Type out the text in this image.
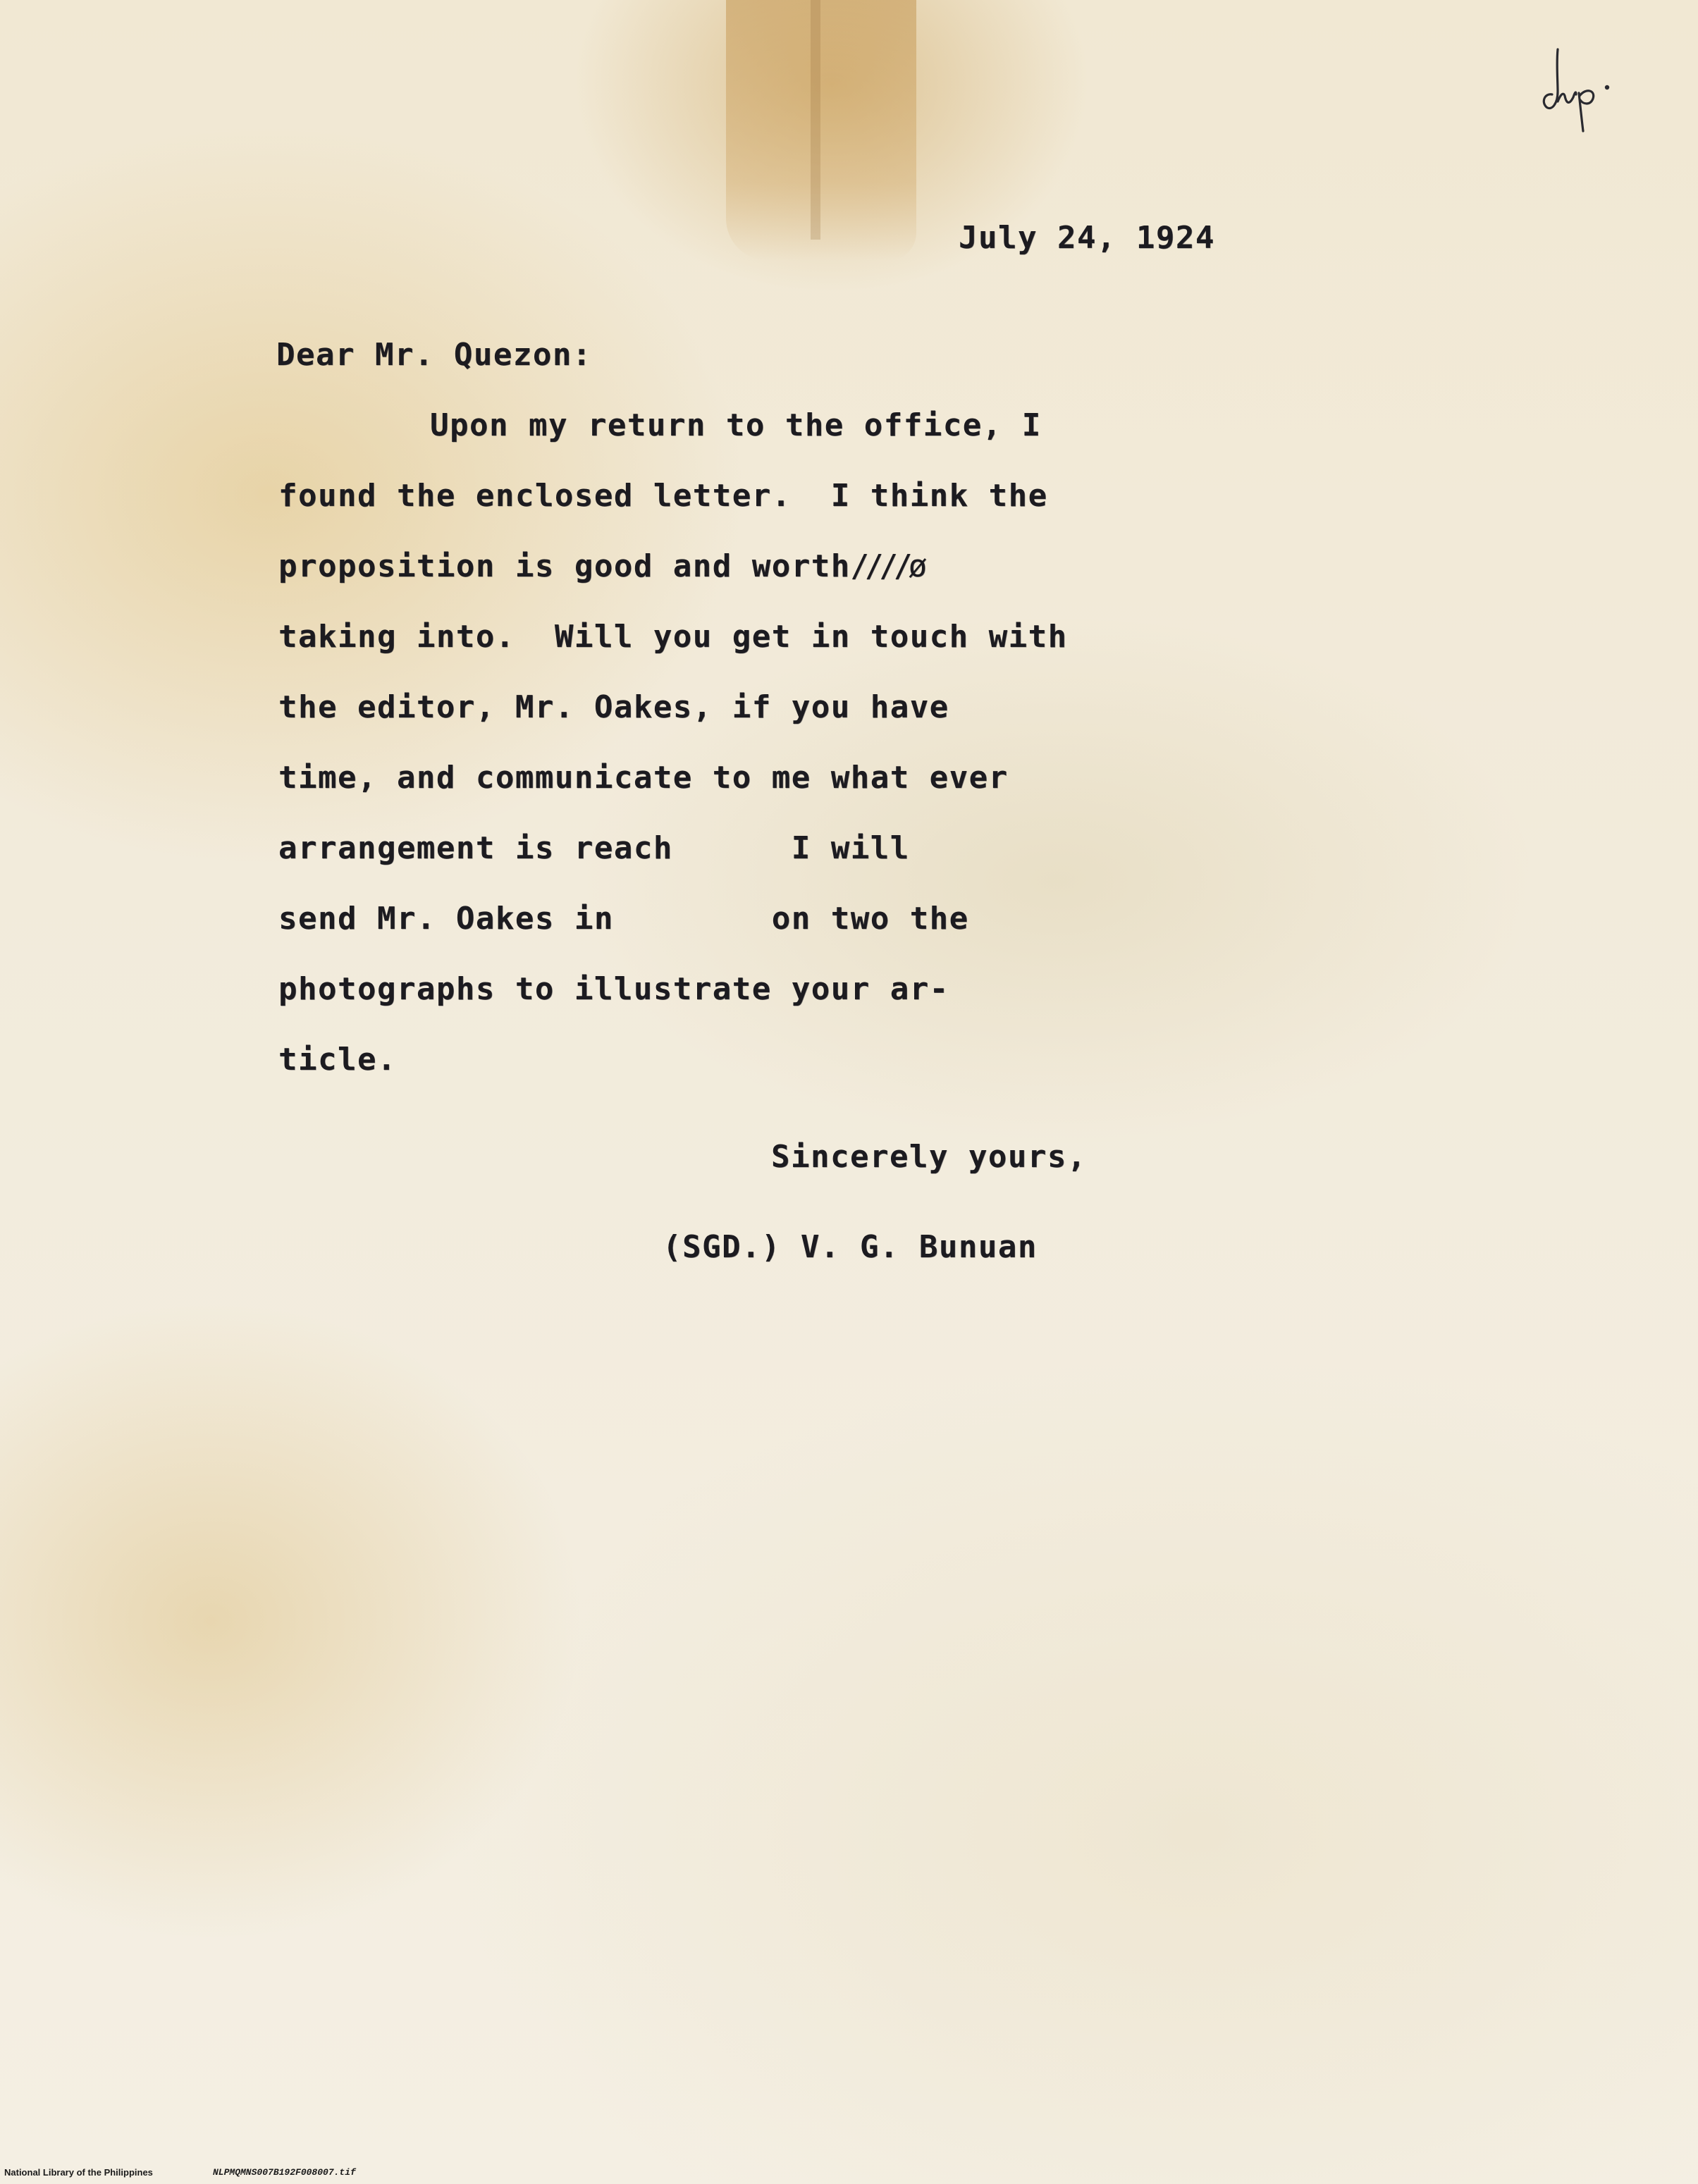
July 24, 1924
Dear Mr. Quezon:
Upon my return to the office, I
found the enclosed letter.  I think the
proposition is good and worth////ø
taking into.  Will you get in touch with
the editor, Mr. Oakes, if you have
time, and communicate to me what ever
arrangement is reach      I will
send Mr. Oakes in        on two the
photographs to illustrate your ar-
ticle.
Sincerely yours,
(SGD.) V. G. Bunuan
National Library of the Philippines	NLPMQMNS007B192F008007.tif
